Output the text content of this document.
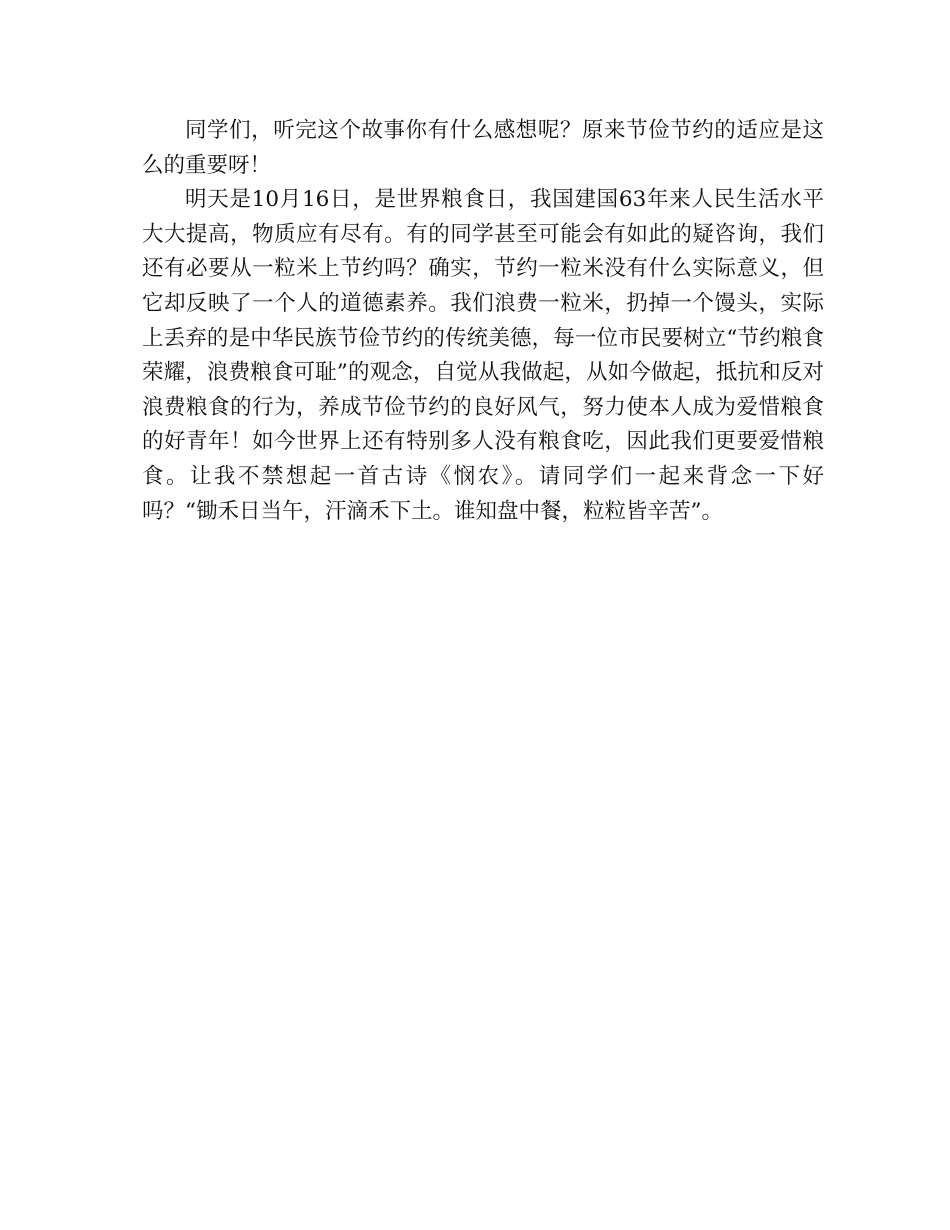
同学们，听完这个故事你有什么感想呢？原来节俭节约的适应是这么的重要呀！

明天是10月16日，是世界粮食日，我国建国63年来人民生活水平大大提高，物质应有尽有。有的同学甚至可能会有如此的疑咨询，我们还有必要从一粒米上节约吗？确实，节约一粒米没有什么实际意义，但它却反映了一个人的道德素养。我们浪费一粒米，扔掉一个馒头，实际上丢弃的是中华民族节俭节约的传统美德，每一位市民要树立“节约粮食荣耀，浪费粮食可耻”的观念，自觉从我做起，从如今做起，抵抗和反对浪费粮食的行为，养成节俭节约的良好风气，努力使本人成为爱惜粮食的好青年！如今世界上还有特别多人没有粮食吃，因此我们更要爱惜粮食。让我不禁想起一首古诗《悯农》。请同学们一起来背念一下好吗？“锄禾日当午，汗滴禾下土。谁知盘中餐，粒粒皆辛苦”。
